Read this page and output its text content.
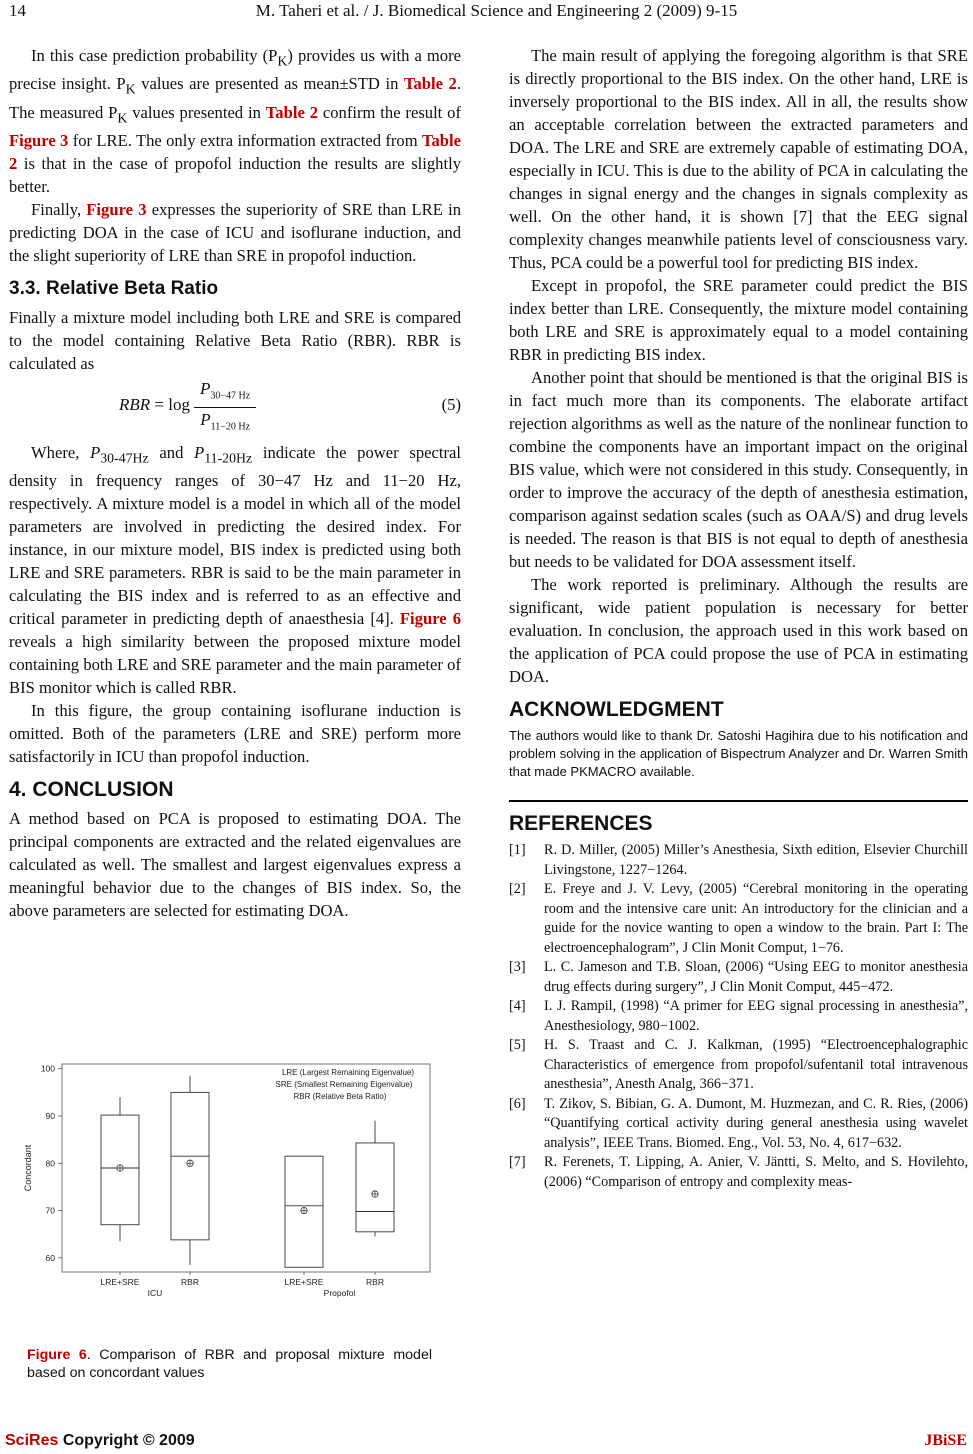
14	M. Taheri et al. / J. Biomedical Science and Engineering 2 (2009) 9-15

In this case prediction probability $(P_K)$ provides us with a more precise insight. $P_K$ values are presented as mean±STD in Table 2. The measured $P_K$ values presented in Table 2 confirm the result of Figure 3 for LRE. The only extra information extracted from Table 2 is that in the case of propofol induction the results are slightly better.

Finally, Figure 3 expresses the superiority of SRE than LRE in predicting DOA in the case of ICU and isoflurane induction, and the slight superiority of LRE than SRE in propofol induction.

3.3. Relative Beta Ratio

Finally a mixture model including both LRE and SRE is compared to the model containing Relative Beta Ratio (RBR). RBR is calculated as

RBR = $\log \frac{P_{30-47 Hz}}{P_{11-20 Hz}}$	(5)

Where, $P_{30-47Hz}$ and $P_{11-20Hz}$ indicate the power spectral density in frequency ranges of 30−47 Hz and 11−20 Hz, respectively. A mixture model is a model in which all of the model parameters are involved in predicting the desired index. For instance, in our mixture model, BIS index is predicted using both LRE and SRE parameters. RBR is said to be the main parameter in calculating the BIS index and is referred to as an effective and critical parameter in predicting depth of anaesthesia [4]. Figure 6 reveals a high similarity between the proposed mixture model containing both LRE and SRE parameter and the main parameter of BIS monitor which is called RBR.

In this figure, the group containing isoflurane induction is omitted. Both of the parameters (LRE and SRE) perform more satisfactorily in ICU than propofol induction.

4. CONCLUSION

A method based on PCA is proposed to estimating DOA. The principal components are extracted and the related eigenvalues are calculated as well. The smallest and largest eigenvalues express a meaningful behavior due to the changes of BIS index. So, the above parameters are selected for estimating DOA.

60
70
80
90
100
Concordant
LRE+SRE	RBR	LRE+SRE	RBR
ICU	Propofol
LRE (Largest Remaining Eigenvalue)
SRE (Smallest Remaining Eigenvalue)
RBR (Relative Beta Ratio)
Figure 6. Comparison of RBR and proposal mixture model based on concordant values

The main result of applying the foregoing algorithm is that SRE is directly proportional to the BIS index. On the other hand, LRE is inversely proportional to the BIS index. All in all, the results show an acceptable correlation between the extracted parameters and DOA. The LRE and SRE are extremely capable of estimating DOA, especially in ICU. This is due to the ability of PCA in calculating the changes in signal energy and the changes in signals complexity as well. On the other hand, it is shown [7] that the EEG signal complexity changes meanwhile patients level of consciousness vary. Thus, PCA could be a powerful tool for predicting BIS index.

Except in propofol, the SRE parameter could predict the BIS index better than LRE. Consequently, the mixture model containing both LRE and SRE is approximately equal to a model containing RBR in predicting BIS index.

Another point that should be mentioned is that the original BIS is in fact much more than its components. The elaborate artifact rejection algorithms as well as the nature of the nonlinear function to combine the components have an important impact on the original BIS value, which were not considered in this study. Consequently, in order to improve the accuracy of the depth of anesthesia estimation, comparison against sedation scales (such as OAA/S) and drug levels is needed. The reason is that BIS is not equal to depth of anesthesia but needs to be validated for DOA assessment itself.

The work reported is preliminary. Although the results are significant, wide patient population is necessary for better evaluation. In conclusion, the approach used in this work based on the application of PCA could propose the use of PCA in estimating DOA.

ACKNOWLEDGMENT

The authors would like to thank Dr. Satoshi Hagihira due to his notification and problem solving in the application of Bispectrum Analyzer and Dr. Warren Smith that made PKMACRO available.

REFERENCES
[1]	R. D. Miller, (2005) Miller’s Anesthesia, Sixth edition, Elsevier Churchill Livingstone, 1227−1264.
[2]	E. Freye and J. V. Levy, (2005) “Cerebral monitoring in the operating room and the intensive care unit: An introductory for the clinician and a guide for the novice wanting to open a window to the brain. Part I: The electroencephalogram”, J Clin Monit Comput, 1−76.
[3]	L. C. Jameson and T.B. Sloan, (2006) “Using EEG to monitor anesthesia drug effects during surgery”, J Clin Monit Comput, 445−472.
[4]	I. J. Rampil, (1998) “A primer for EEG signal processing in anesthesia”, Anesthesiology, 980−1002.
[5]	H. S. Traast and C. J. Kalkman, (1995) “Electroencephalographic Characteristics of emergence from propofol/sufentanil total intravenous anesthesia”, Anesth Analg, 366−371.
[6]	T. Zikov, S. Bibian, G. A. Dumont, M. Huzmezan, and C. R. Ries, (2006) “Quantifying cortical activity during general anesthesia using wavelet analysis”, IEEE Trans. Biomed. Eng., Vol. 53, No. 4, 617−632.
[7]	R. Ferenets, T. Lipping, A. Anier, V. Jäntti, S. Melto, and S. Hovilehto, (2006) “Comparison of entropy and complexity meas-
SciRes Copyright © 2009	JBiSE
